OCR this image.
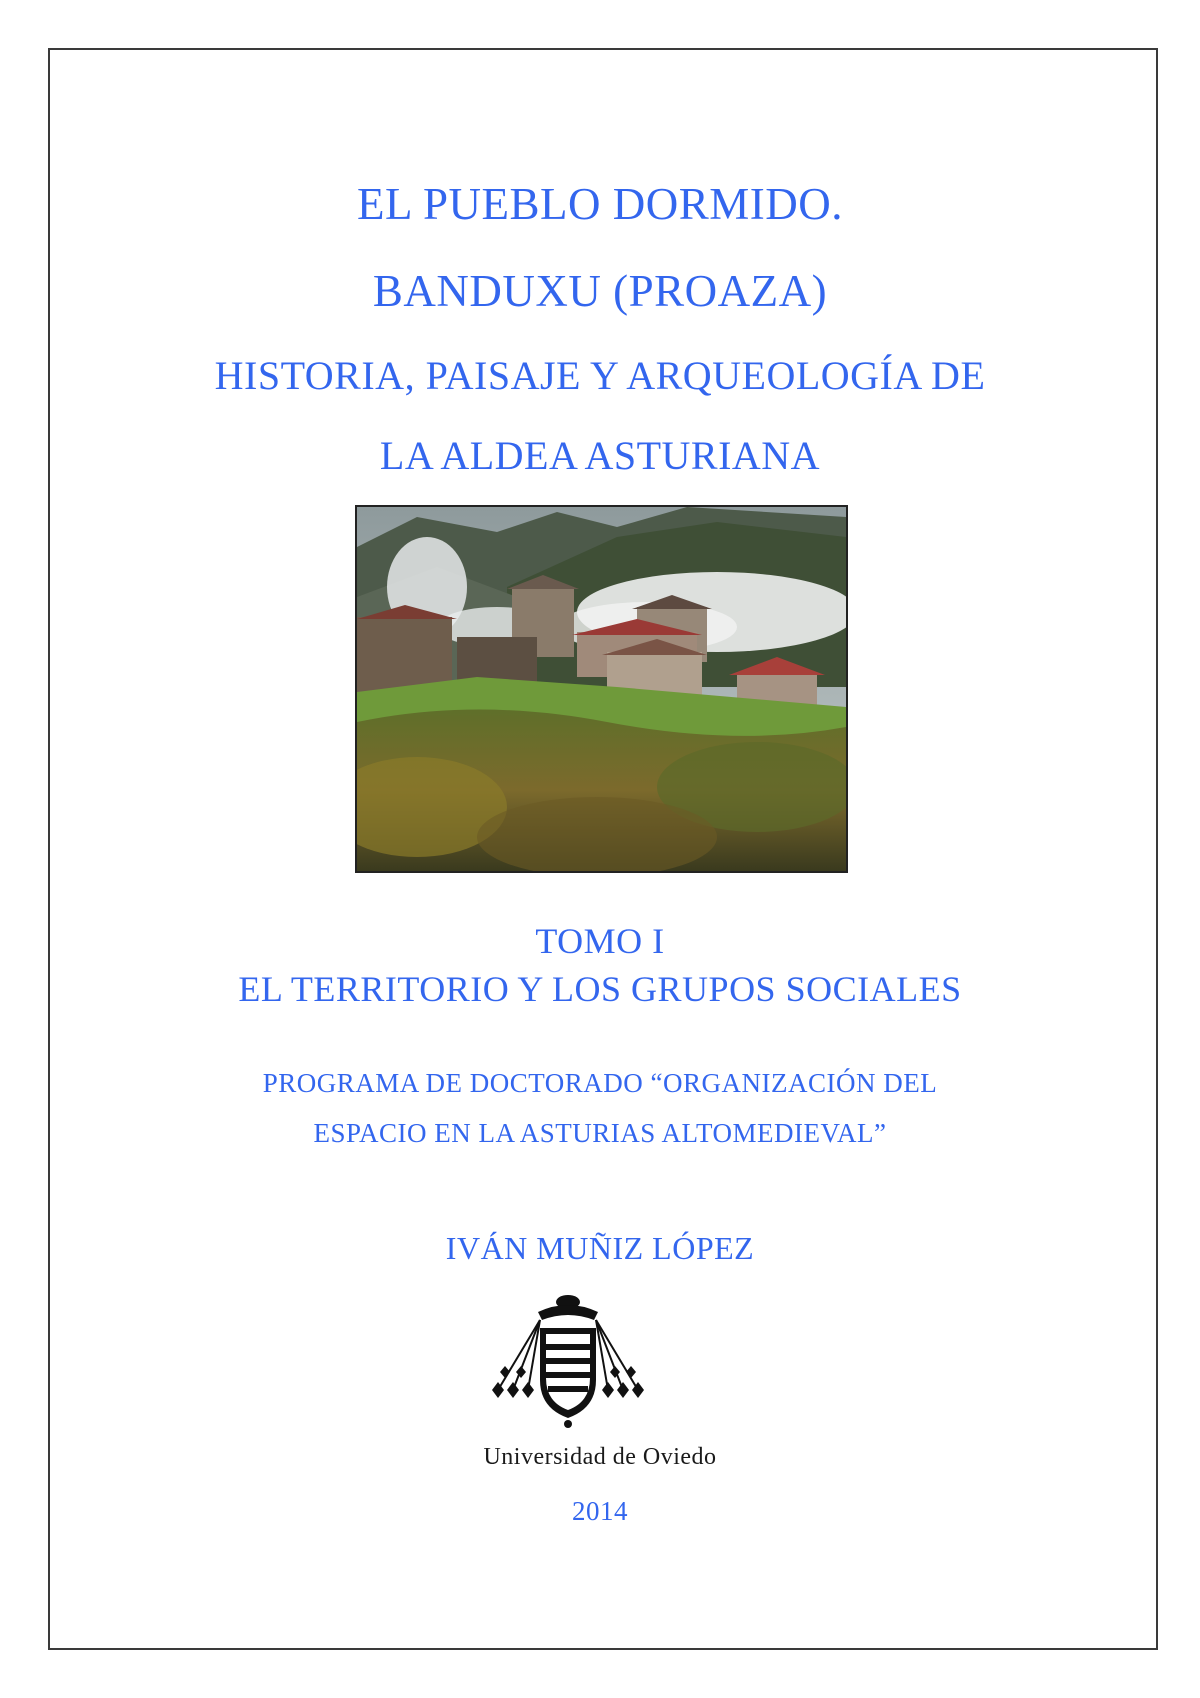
EL PUEBLO DORMIDO.
BANDUXU (PROAZA)
HISTORIA, PAISAJE Y ARQUEOLOGÍA DE
LA ALDEA ASTURIANA
TOMO I
EL TERRITORIO Y LOS GRUPOS SOCIALES
PROGRAMA DE DOCTORADO “ORGANIZACIÓN DEL
ESPACIO EN LA ASTURIAS ALTOMEDIEVAL”
IVÁN MUÑIZ LÓPEZ
Universidad de Oviedo
2014
